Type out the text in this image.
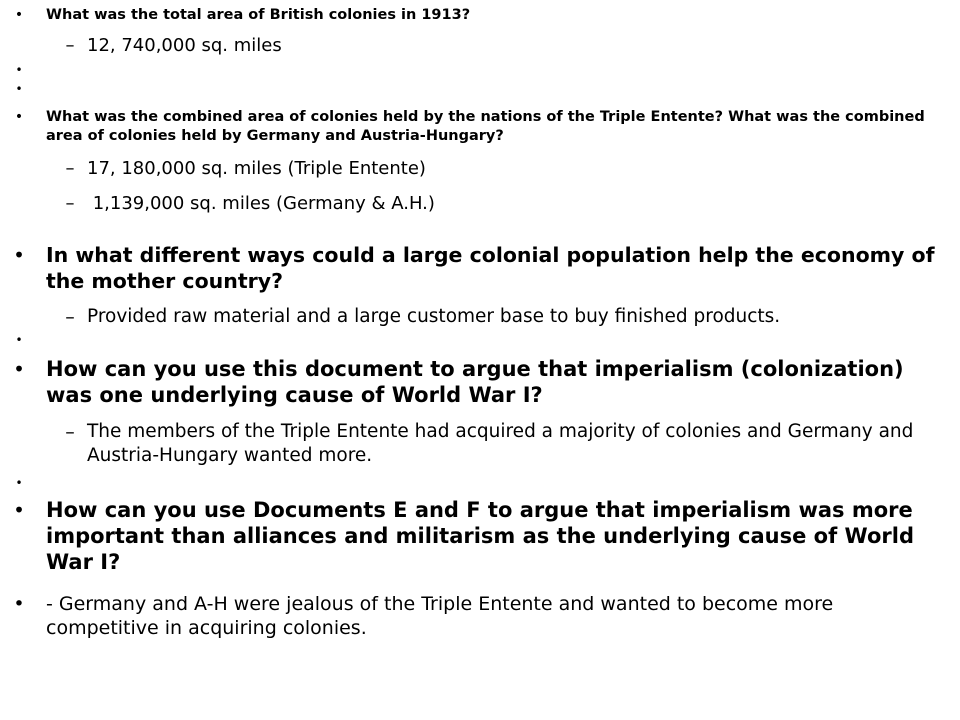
•	What was the total area of British colonies in 1913?
– 12, 740,000 sq. miles
•
•
•	What was the combined area of colonies held by the nations of the Triple Entente? What was the combined area of colonies held by Germany and Austria-Hungary?
– 17, 180,000 sq. miles (Triple Entente)
– 1,139,000 sq. miles (Germany & A.H.)
• In what different ways could a large colonial population help the economy of the mother country?
– Provided raw material and a large customer base to buy finished products.
•
• How can you use this document to argue that imperialism (colonization) was one underlying cause of World War I?
– The members of the Triple Entente had acquired a majority of colonies and Germany and Austria-Hungary wanted more.
•
• How can you use Documents E and F to argue that imperialism was more important than alliances and militarism as the underlying cause of World War I?
• - Germany and A-H were jealous of the Triple Entente and wanted to become more competitive in acquiring colonies.
